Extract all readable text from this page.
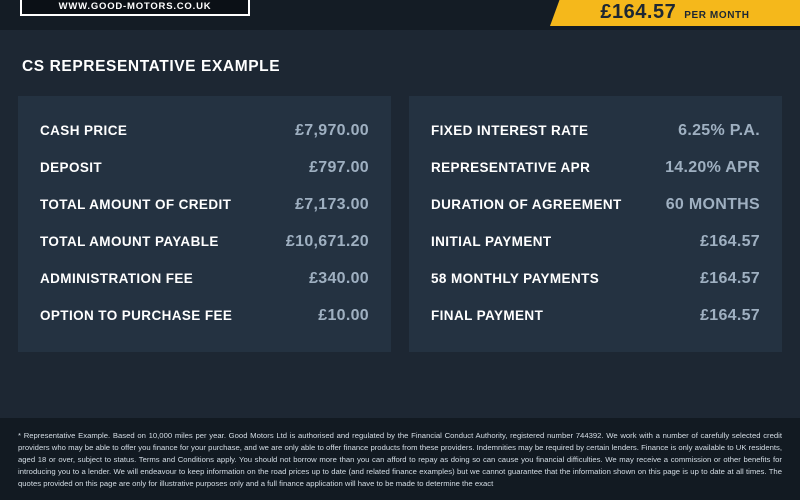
WWW.GOOD-MOTORS.CO.UK	£164.57 PER MONTH
CS REPRESENTATIVE EXAMPLE
CASH PRICE	£7,970.00
DEPOSIT	£797.00
TOTAL AMOUNT OF CREDIT	£7,173.00
TOTAL AMOUNT PAYABLE	£10,671.20
ADMINISTRATION FEE	£340.00
OPTION TO PURCHASE FEE	£10.00
FIXED INTEREST RATE	6.25% P.A.
REPRESENTATIVE APR	14.20% APR
DURATION OF AGREEMENT	60 MONTHS
INITIAL PAYMENT	£164.57
58 MONTHLY PAYMENTS	£164.57
FINAL PAYMENT	£164.57

* Representative Example. Based on 10,000 miles per year. Good Motors Ltd is authorised and regulated by the Financial Conduct Authority, registered number 744392. We work with a number of carefully selected credit providers who may be able to offer you finance for your purchase, and we are only able to offer finance products from these providers. Indemnities may be required by certain lenders. Finance is only available to UK residents, aged 18 or over, subject to status. Terms and Conditions apply. You should not borrow more than you can afford to repay as doing so can cause you financial difficulties. We may receive a commission or other benefits for introducing you to a lender. We will endeavour to keep information on the road prices up to date (and related finance examples) but we cannot guarantee that the information shown on this page is up to date at all times. The quotes provided on this page are only for illustrative purposes only and a full finance application will have to be made to determine the exact
